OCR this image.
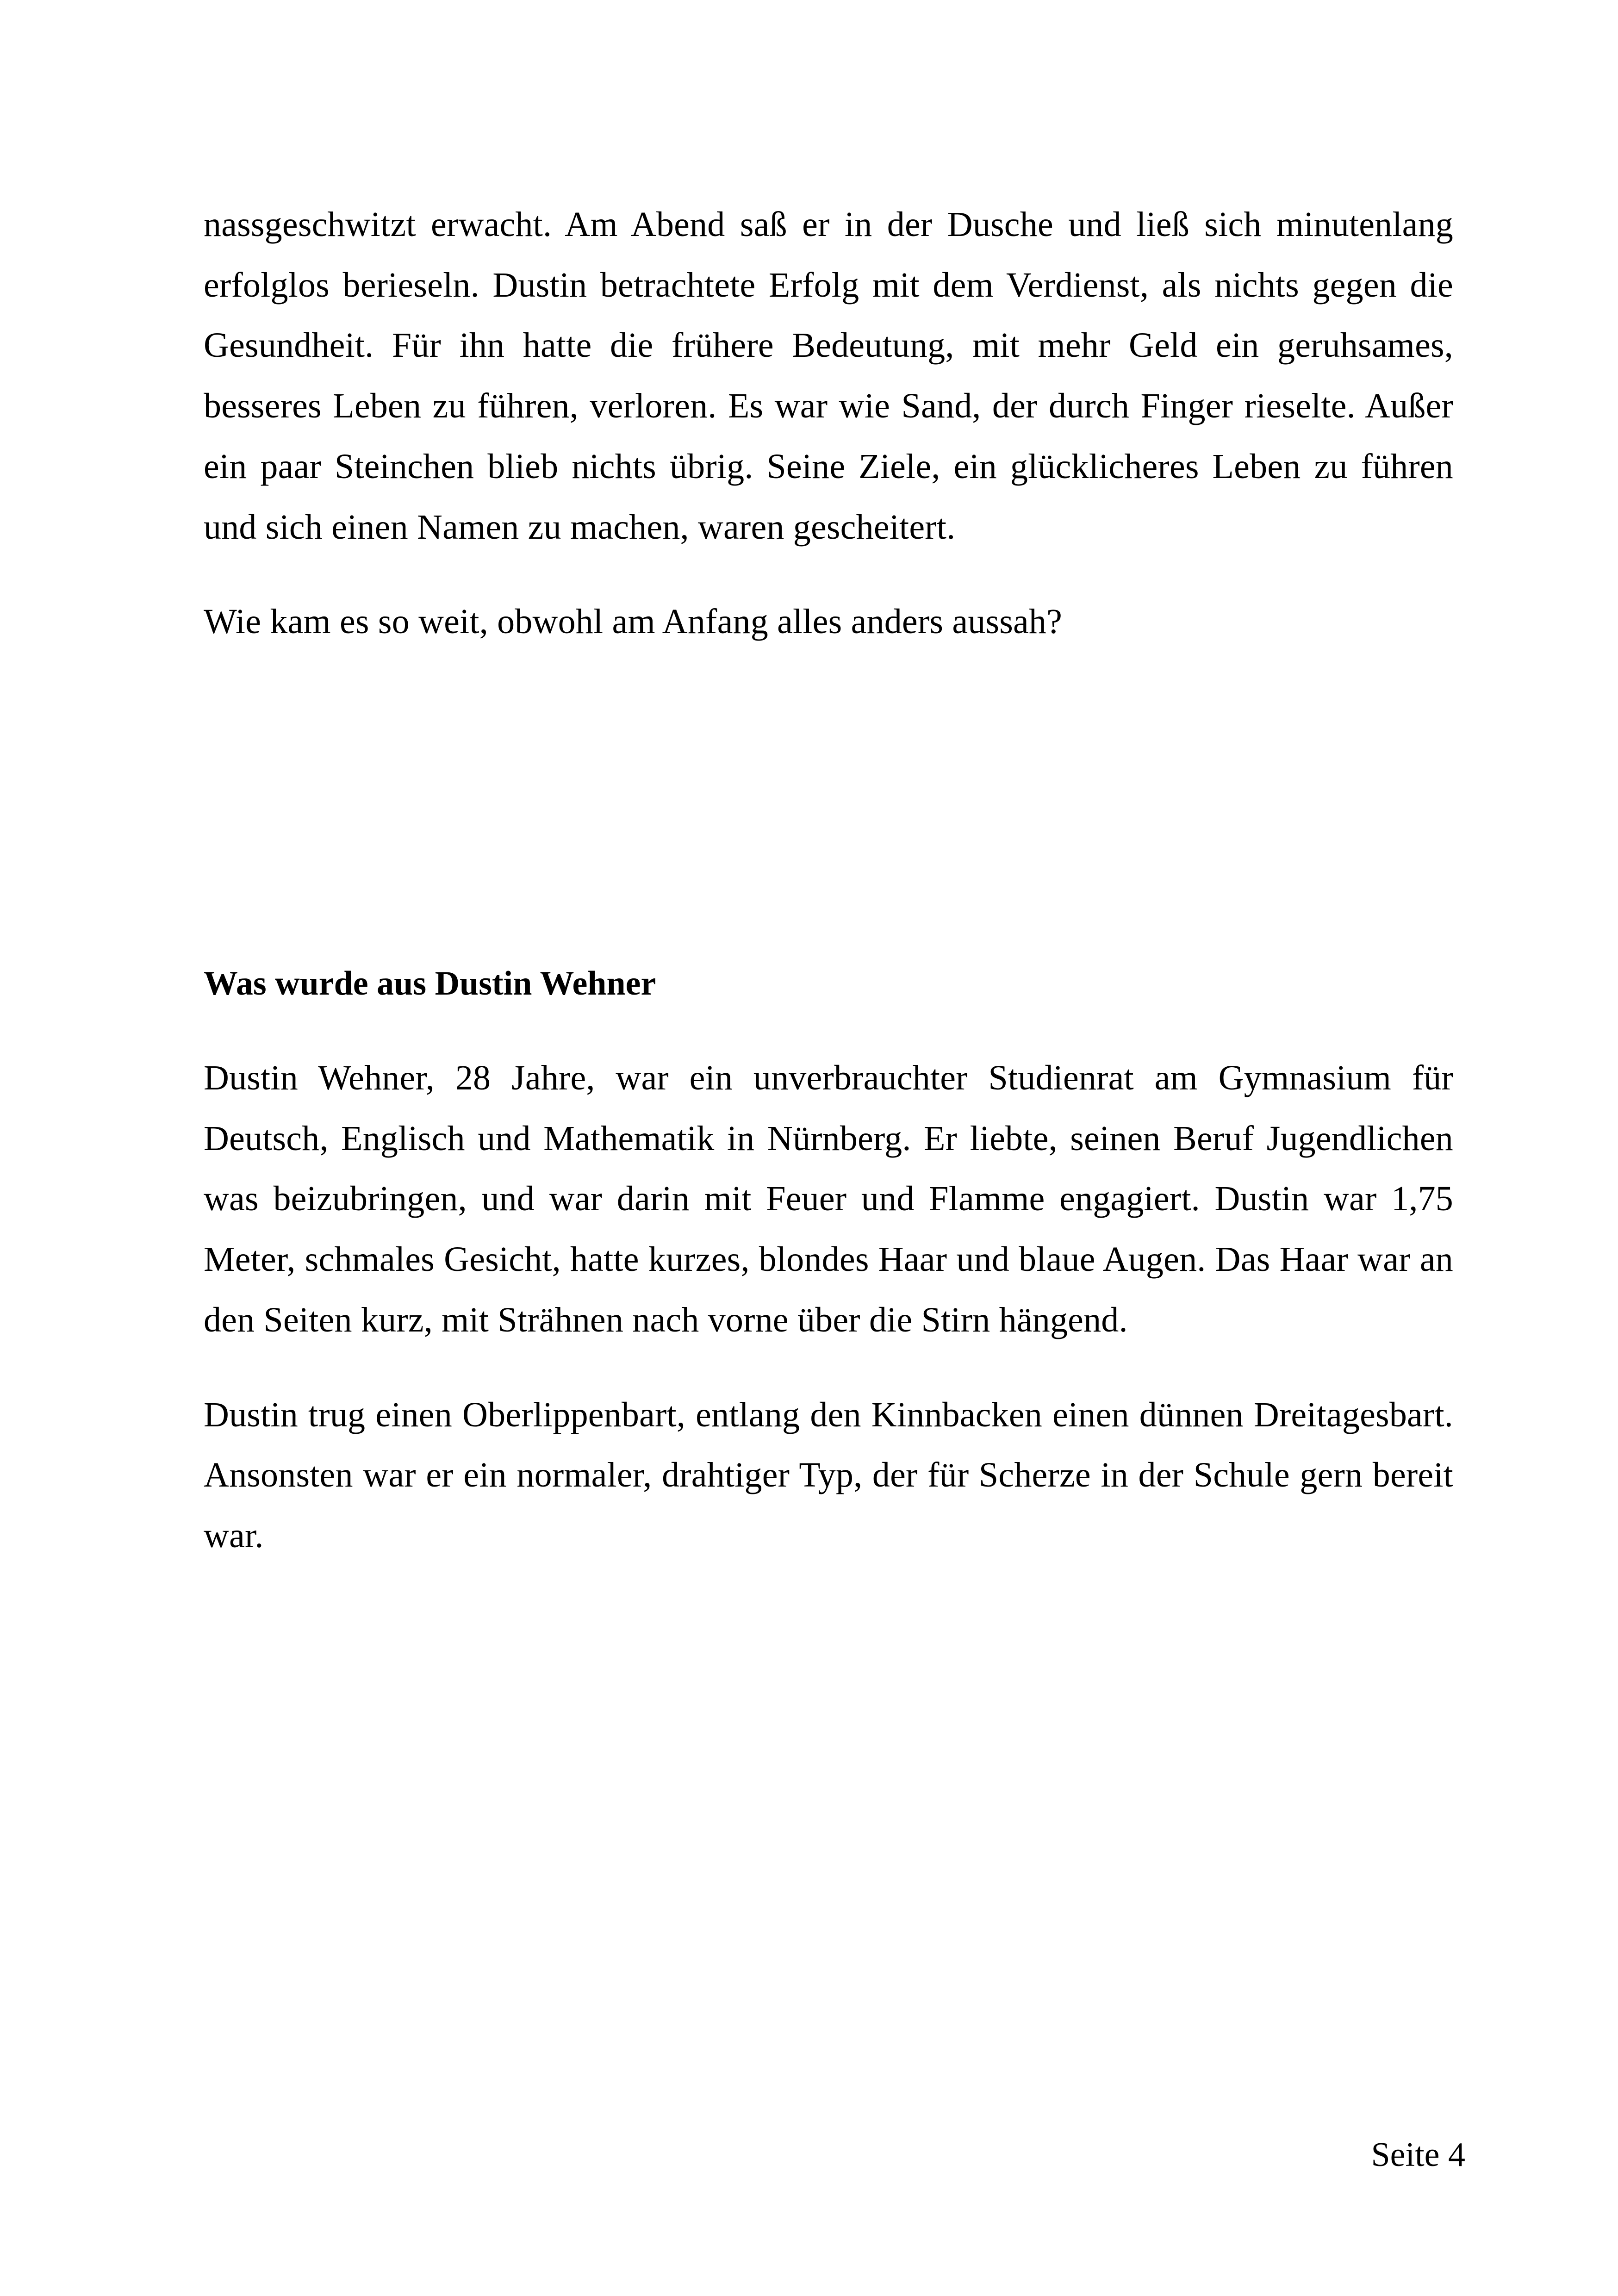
nassgeschwitzt erwacht. Am Abend saß er in der Dusche und ließ sich minutenlang erfolglos berieseln. Dustin betrachtete Erfolg mit dem Verdienst, als nichts gegen die Gesundheit. Für ihn hatte die frühere Bedeutung, mit mehr Geld ein geruhsames, besseres Leben zu führen, verloren. Es war wie Sand, der durch Finger rieselte. Außer ein paar Steinchen blieb nichts übrig. Seine Ziele, ein glücklicheres Leben zu führen und sich einen Namen zu machen, waren gescheitert.

Wie kam es so weit, obwohl am Anfang alles anders aussah?

Was wurde aus Dustin Wehner

Dustin Wehner, 28 Jahre, war ein unverbrauchter Studienrat am Gymnasium für Deutsch, Englisch und Mathematik in Nürnberg. Er liebte, seinen Beruf Jugendlichen was beizubringen, und war darin mit Feuer und Flamme engagiert. Dustin war 1,75 Meter, schmales Gesicht, hatte kurzes, blondes Haar und blaue Augen. Das Haar war an den Seiten kurz, mit Strähnen nach vorne über die Stirn hängend.

Dustin trug einen Oberlippenbart, entlang den Kinnbacken einen dünnen Dreitagesbart. Ansonsten war er ein normaler, drahtiger Typ, der für Scherze in der Schule gern bereit war.

Seite 4
